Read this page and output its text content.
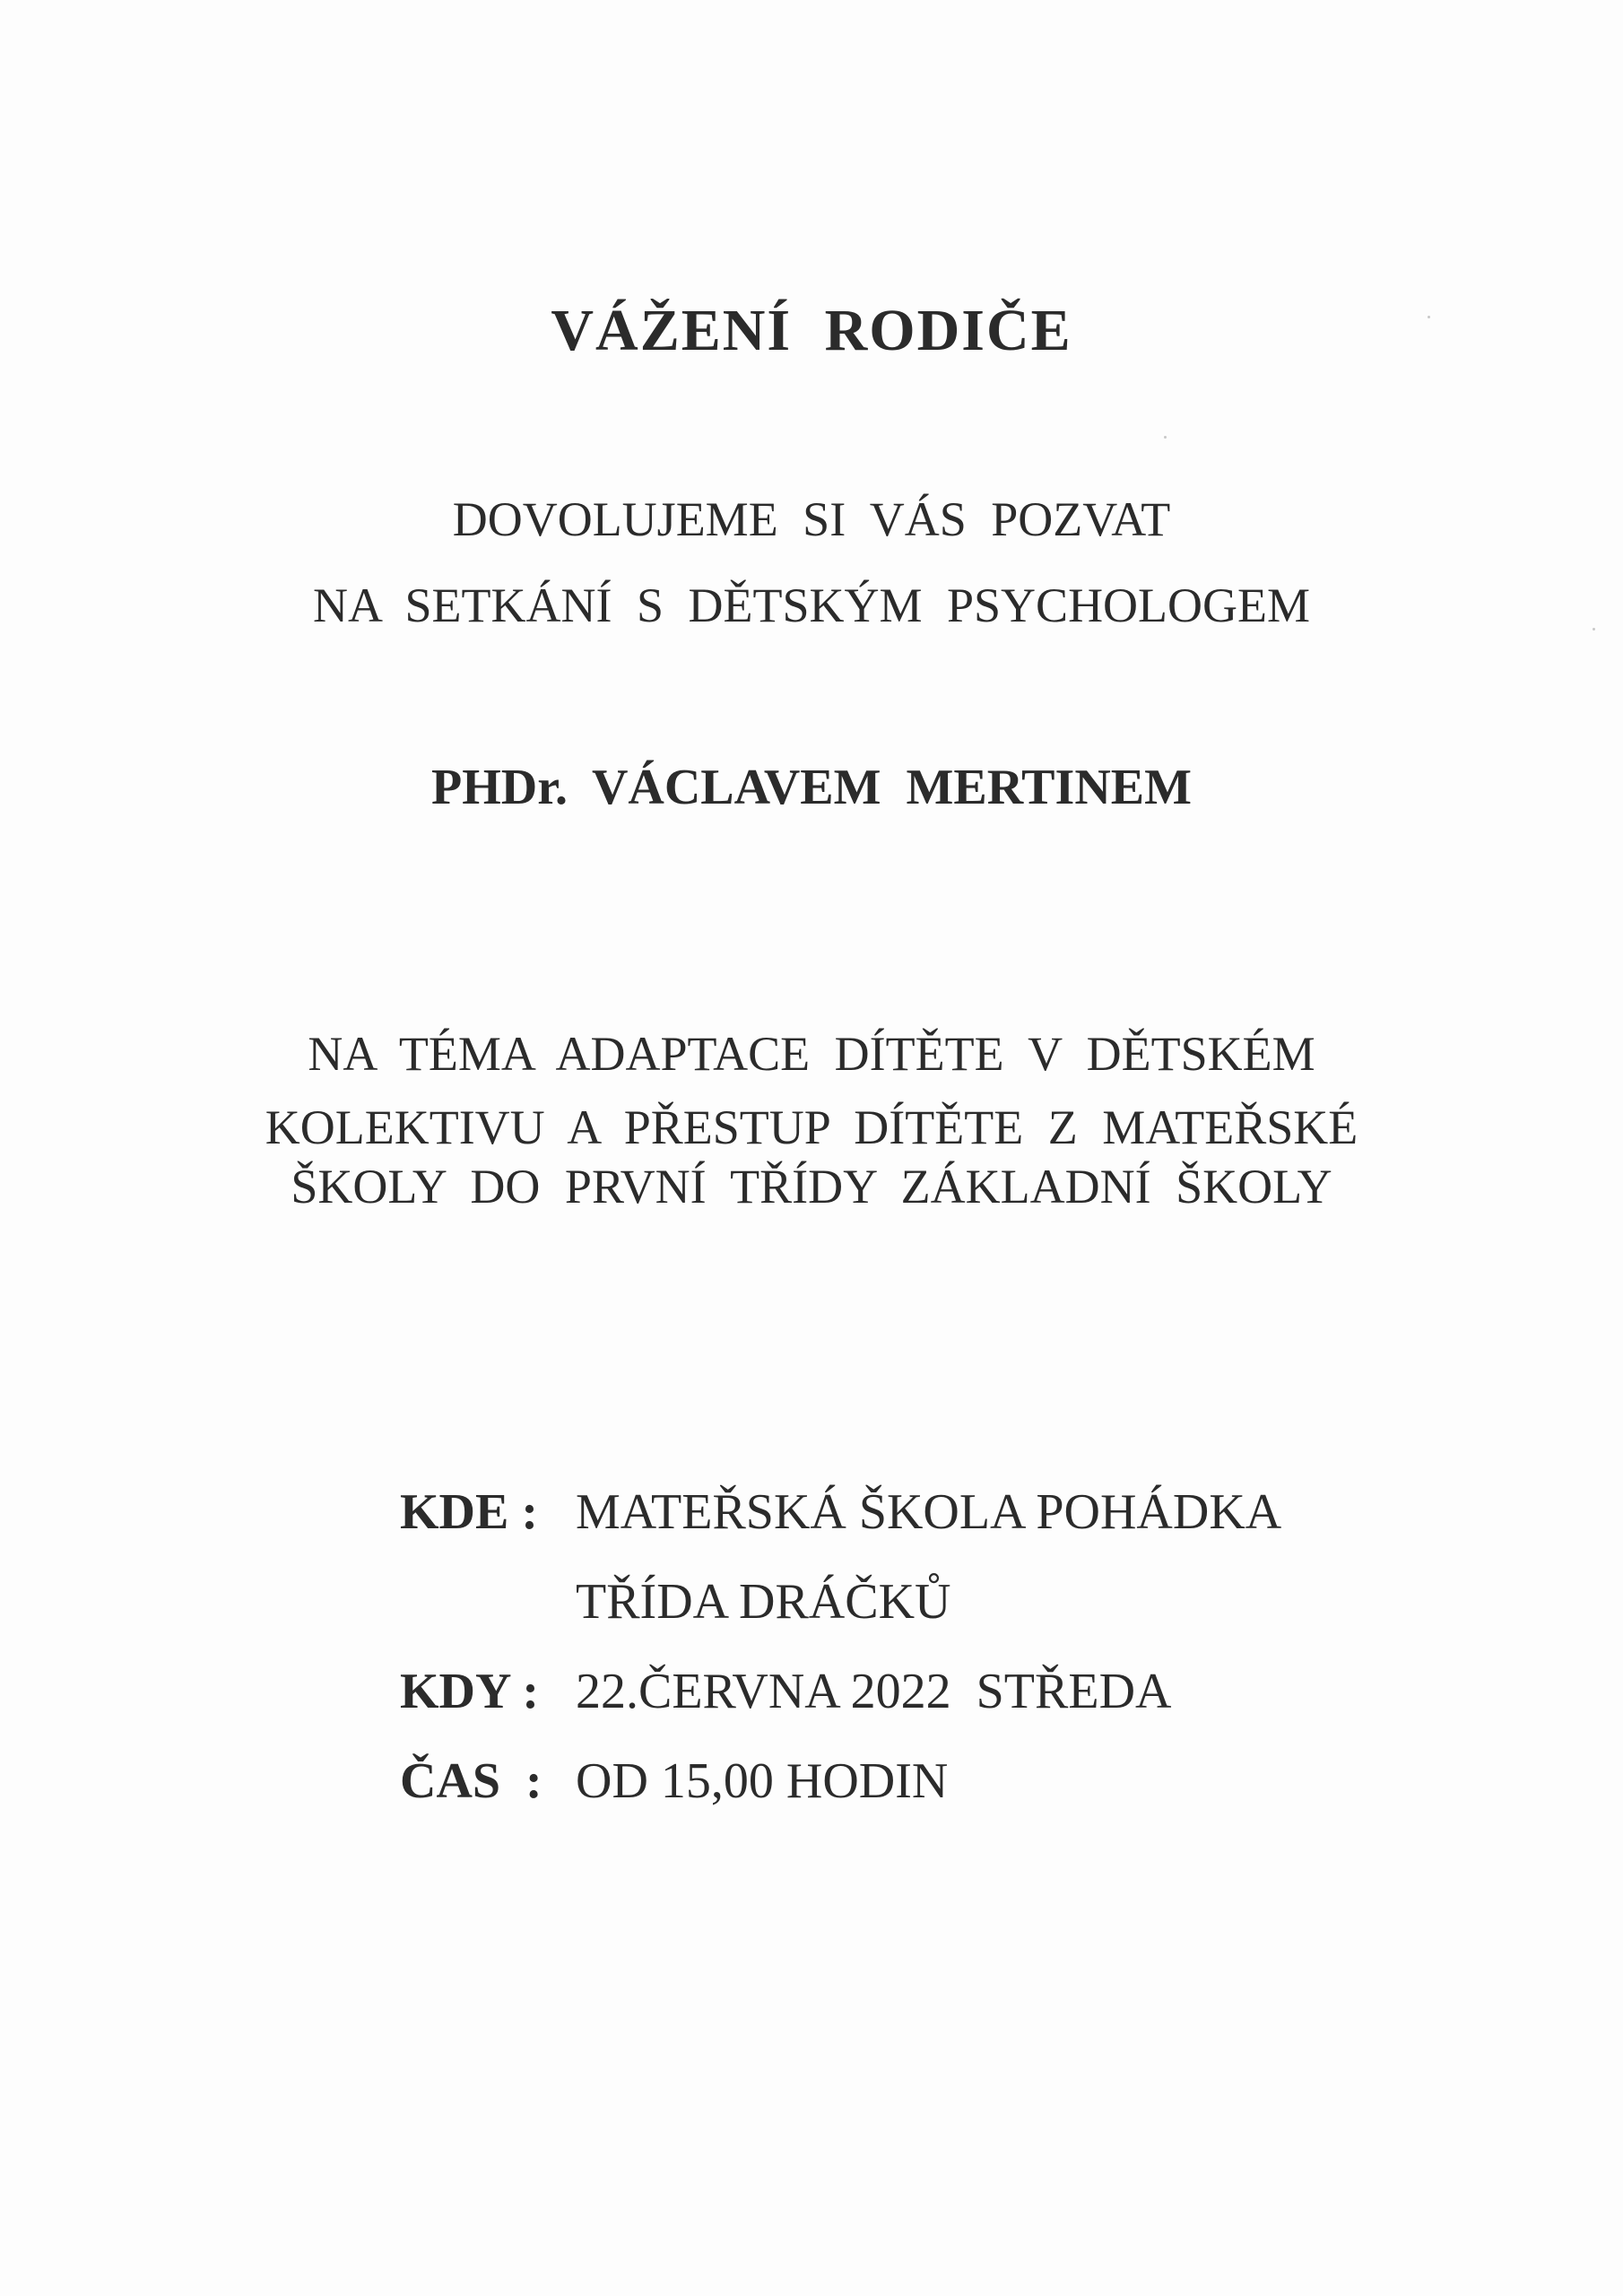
VÁŽENÍ RODIČE
DOVOLUJEME SI VÁS POZVAT
NA SETKÁNÍ S DĚTSKÝM PSYCHOLOGEM
PHDr. VÁCLAVEM MERTINEM
NA TÉMA ADAPTACE DÍTĚTE V DĚTSKÉM
KOLEKTIVU A PŘESTUP DÍTĚTE Z MATEŘSKÉ
ŠKOLY DO PRVNÍ TŘÍDY ZÁKLADNÍ ŠKOLY

KDE : MATEŘSKÁ ŠKOLA POHÁDKA

TŘÍDA DRÁČKŮ

KDY : 22.ČERVNA 2022  STŘEDA

ČAS  : OD 15,00 HODIN
